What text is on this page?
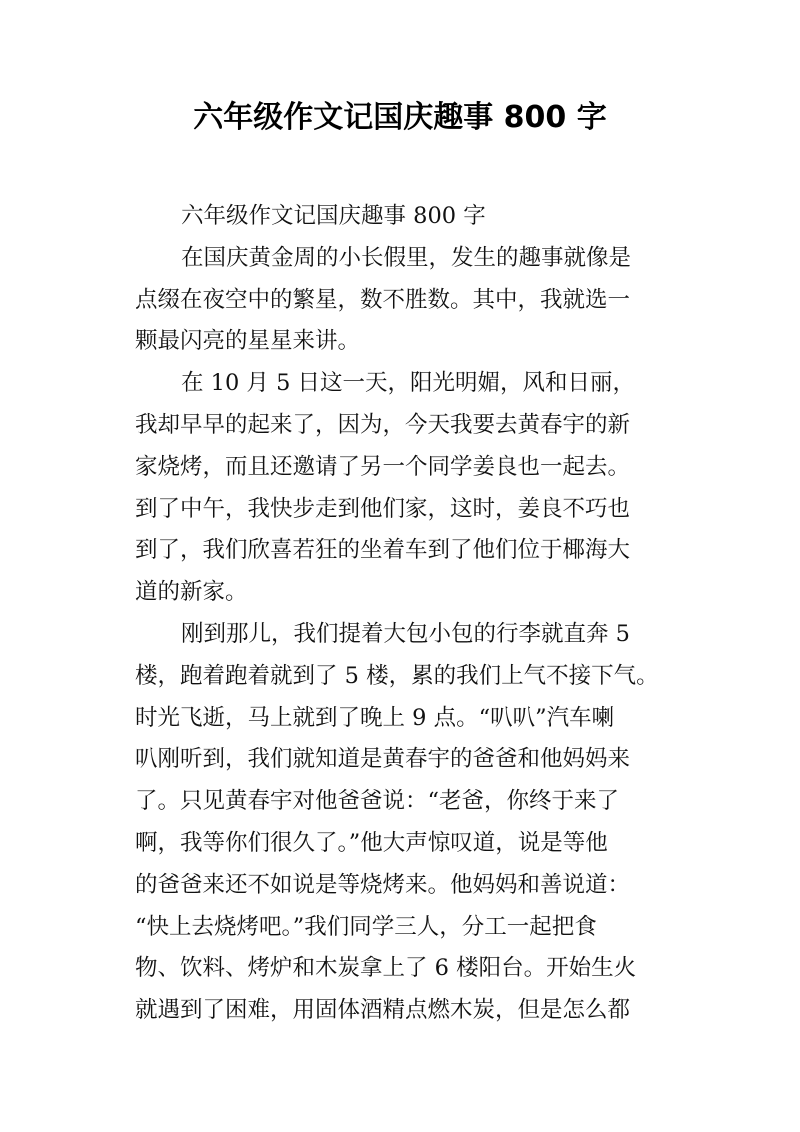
六年级作文记国庆趣事 800 字
六年级作文记国庆趣事 800 字
在国庆黄金周的小长假里，发生的趣事就像是
点缀在夜空中的繁星，数不胜数。其中，我就选一
颗最闪亮的星星来讲。
在 10 月 5 日这一天，阳光明媚，风和日丽，
我却早早的起来了，因为，今天我要去黄春宇的新
家烧烤，而且还邀请了另一个同学姜良也一起去。
到了中午，我快步走到他们家，这时，姜良不巧也
到了，我们欣喜若狂的坐着车到了他们位于椰海大
道的新家。
刚到那儿，我们提着大包小包的行李就直奔 5
楼，跑着跑着就到了 5 楼，累的我们上气不接下气。
时光飞逝，马上就到了晚上 9 点。“叭叭”汽车喇
叭刚听到，我们就知道是黄春宇的爸爸和他妈妈来
了。只见黄春宇对他爸爸说：“老爸，你终于来了
啊，我等你们很久了。”他大声惊叹道，说是等他
的爸爸来还不如说是等烧烤来。他妈妈和善说道：
“快上去烧烤吧。”我们同学三人，分工一起把食
物、饮料、烤炉和木炭拿上了 6 楼阳台。开始生火
就遇到了困难，用固体酒精点燃木炭，但是怎么都
